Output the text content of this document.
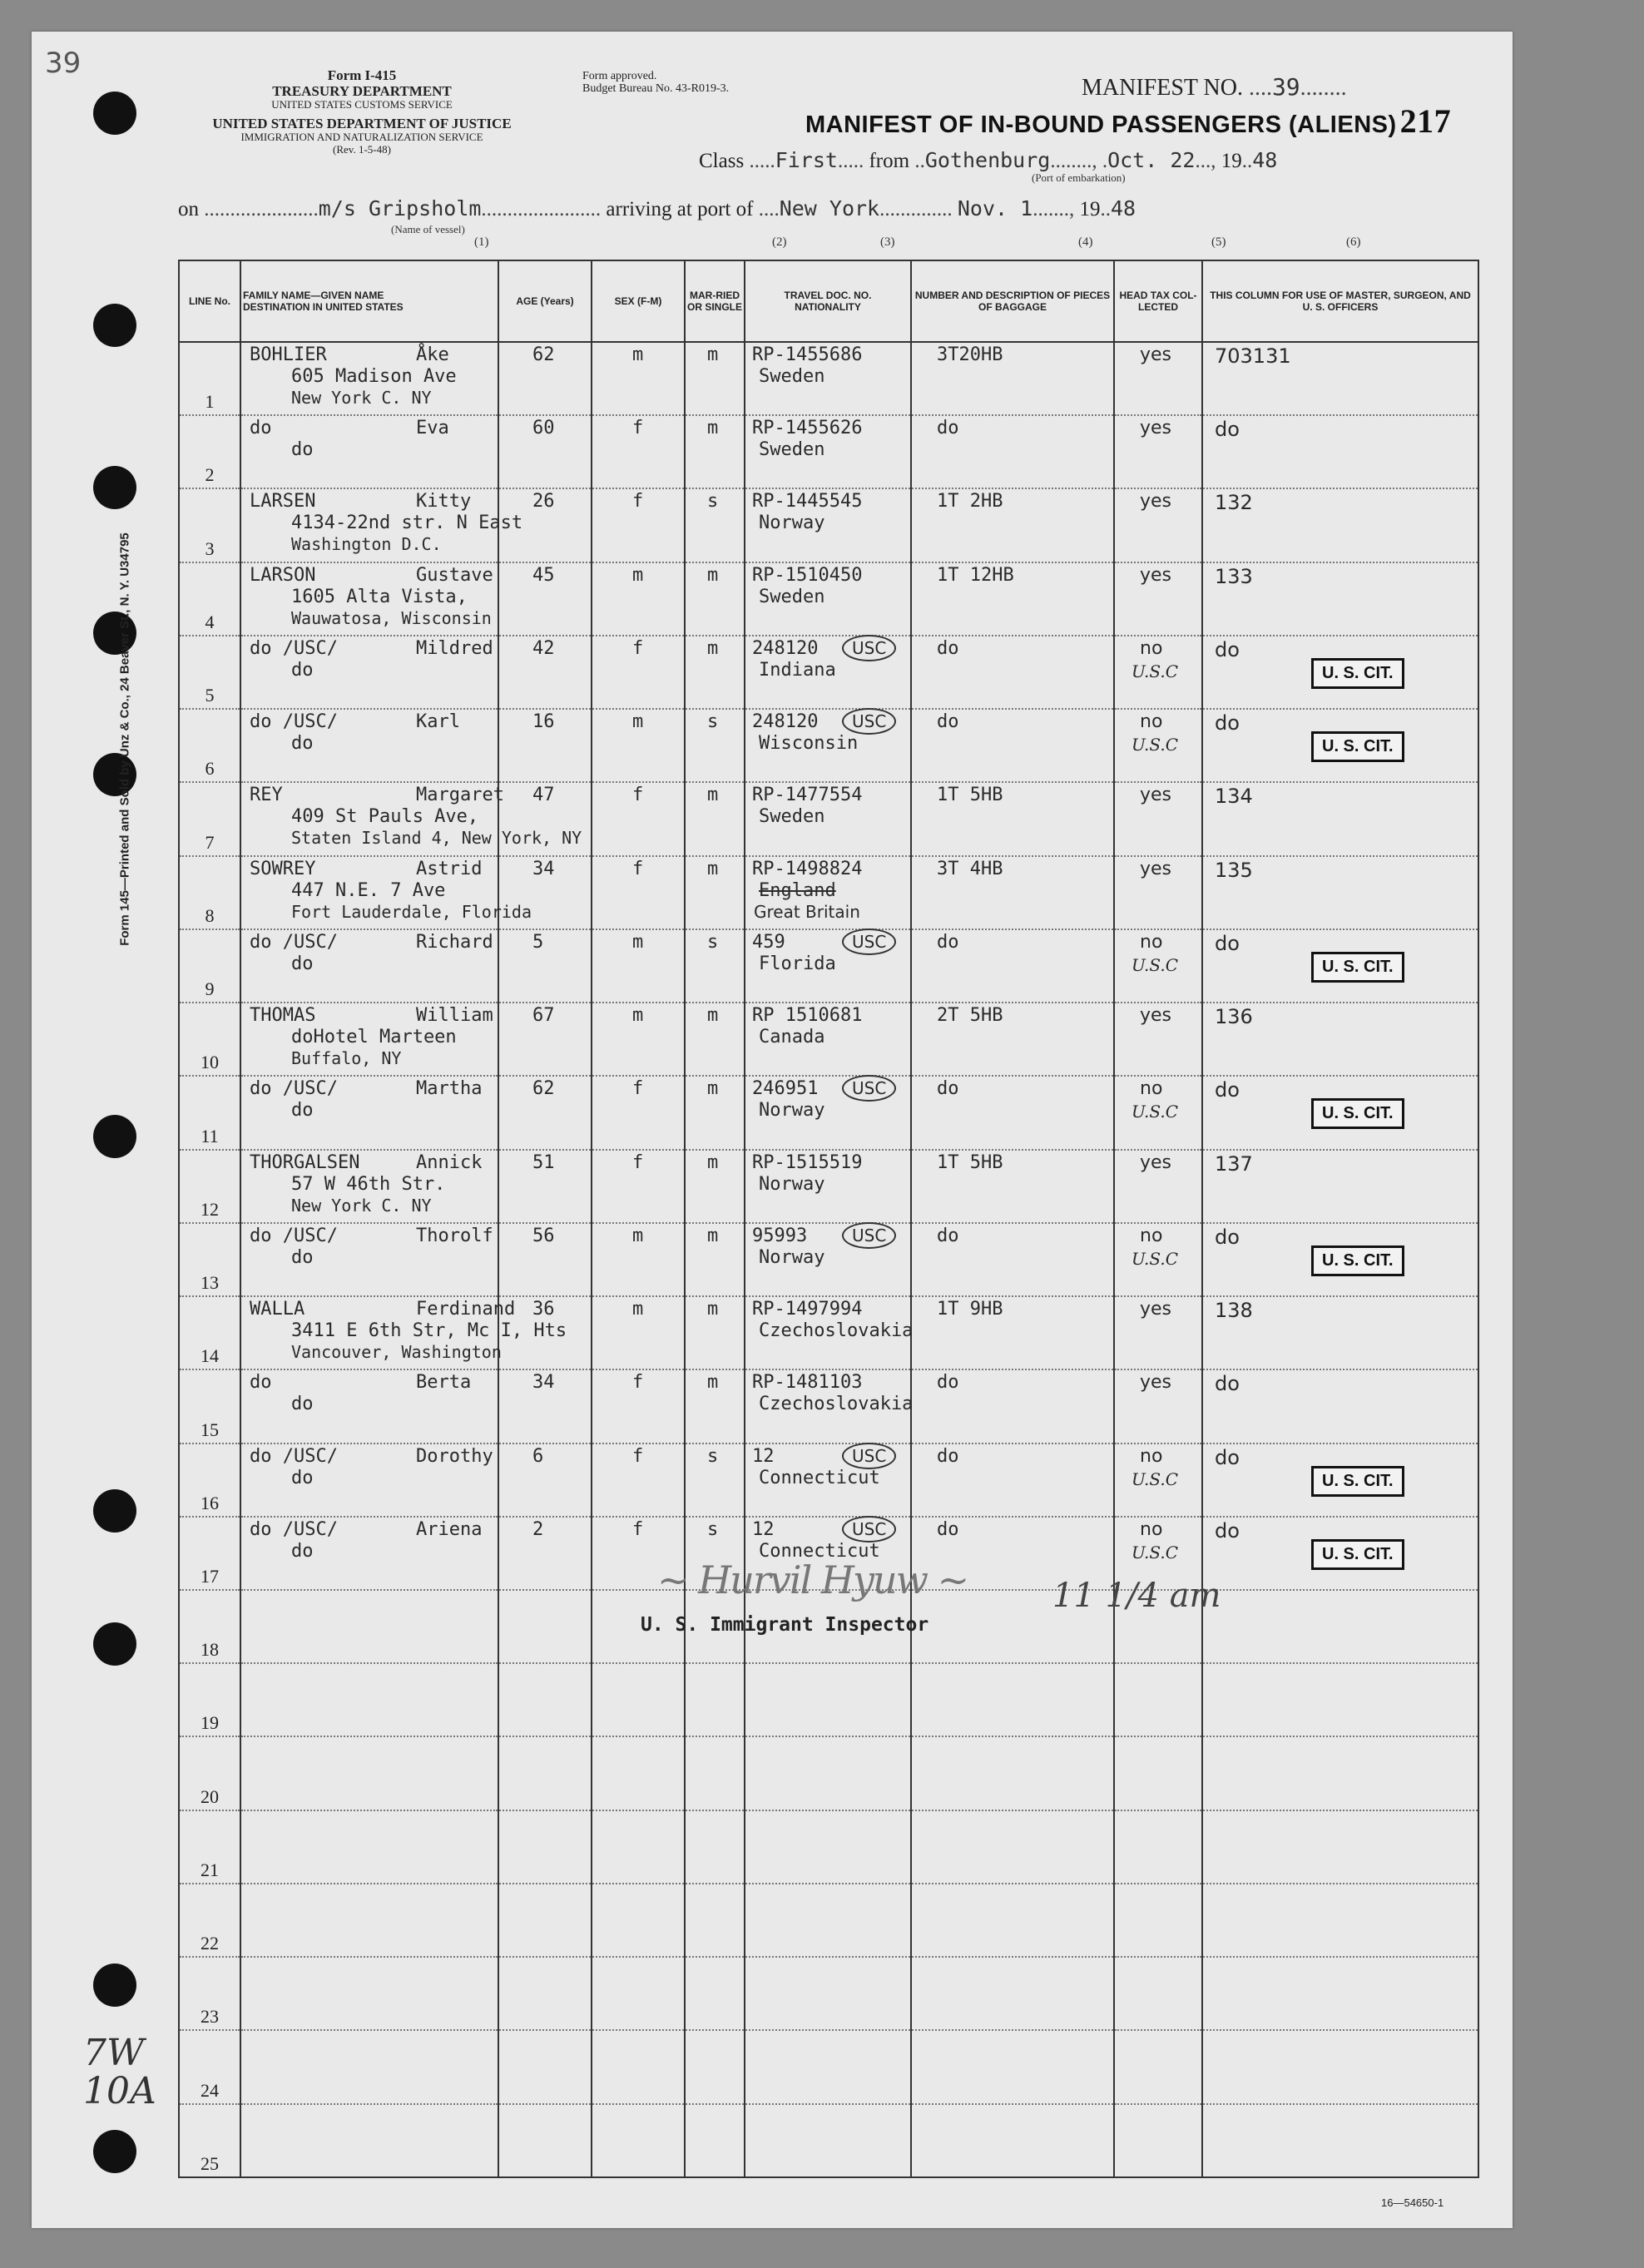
39
7W 10A
Form 145—Printed and Sold by Unz & Co., 24 Beaver St., N. Y. U34795
Form I-415
TREASURY DEPARTMENT
UNITED STATES CUSTOMS SERVICE
UNITED STATES DEPARTMENT OF JUSTICE
IMMIGRATION AND NATURALIZATION SERVICE
(Rev. 1-5-48)
Form approved.
Budget Bureau No. 43-R019-3.	MANIFEST NO. ....39........
MANIFEST OF IN-BOUND PASSENGERS (ALIENS) 217
Class .....First..... from ..Gothenburg........, .Oct. 22..., 19..48
(Port of embarkation)
on ......................m/s Gripsholm....................... arriving at port of ....New York.............. Nov. 1......., 19..48
(Name of vessel)
(1)	(2)	(3)	(4)	(5)	(6)
LINE No.	FAMILY NAME—GIVEN NAME
DESTINATION IN UNITED STATES	AGE (Years)	SEX (F-M)	MAR-RIED OR SINGLE	TRAVEL DOC. NO.
NATIONALITY	NUMBER AND DESCRIPTION OF PIECES OF BAGGAGE	HEAD TAX COL-LECTED	THIS COLUMN FOR USE OF MASTER, SURGEON, AND U. S. OFFICERS

1	BOHLIER Åke
605 Madison Ave
New York C. NY	62	m	m	RP-1455686
Sweden	3T20HB	yes	703131

2	do Eva
do	60	f	m	RP-1455626
Sweden	do	yes	do

3	LARSEN Kitty
4134-22nd str. N East
Washington D.C.	26	f	s	RP-1445545
Norway	1T 2HB	yes	132

4	LARSON Gustave
1605 Alta Vista,
Wauwatosa, Wisconsin	45	m	m	RP-1510450
Sweden	1T 12HB	yes	133

5	do /USC/ Mildred
do	42	f	m	248120 USC
Indiana	do	no
U.S.C	do
U. S. CIT.

6	do /USC/ Karl
do	16	m	s	248120 USC
Wisconsin	do	no
U.S.C	do
U. S. CIT.

7	REY Margaret
409 St Pauls Ave,
Staten Island 4, New York, NY	47	f	m	RP-1477554
Sweden	1T 5HB	yes	134

8	SOWREY Astrid
447 N.E. 7 Ave
Fort Lauderdale, Florida	34	f	m	RP-1498824
England
Great Britain	3T 4HB	yes	135

9	do /USC/ Richard
do	5	m	s	459 USC
Florida	do	no
U.S.C	do
U. S. CIT.

10	THOMAS William
doHotel Marteen
Buffalo, NY	67	m	m	RP 1510681
Canada	2T 5HB	yes	136

11	do /USC/ Martha
do	62	f	m	246951 USC
Norway	do	no
U.S.C	do
U. S. CIT.

12	THORGALSEN Annick
57 W 46th Str.
New York C. NY	51	f	m	RP-1515519
Norway	1T 5HB	yes	137

13	do /USC/ Thorolf
do	56	m	m	95993 USC
Norway	do	no
U.S.C	do
U. S. CIT.

14	WALLA Ferdinand
3411 E 6th Str, Mc I, Hts
Vancouver, Washington	36	m	m	RP-1497994
Czechoslovakia	1T 9HB	yes	138

15	do Berta
do	34	f	m	RP-1481103
Czechoslovakia	do	yes	do

16	do /USC/ Dorothy
do	6	f	s	12 USC
Connecticut	do	no
U.S.C	do
U. S. CIT.

17	do /USC/ Ariena
do	2	f	s	12 USC
Connecticut	do	no
U.S.C	do
U. S. CIT.

18								

19								

20								

21								

22								

23								

24								

25								

~ Hurvil Hyuw ~	11 1/4 am
U. S. Immigrant Inspector
16—54650-1
